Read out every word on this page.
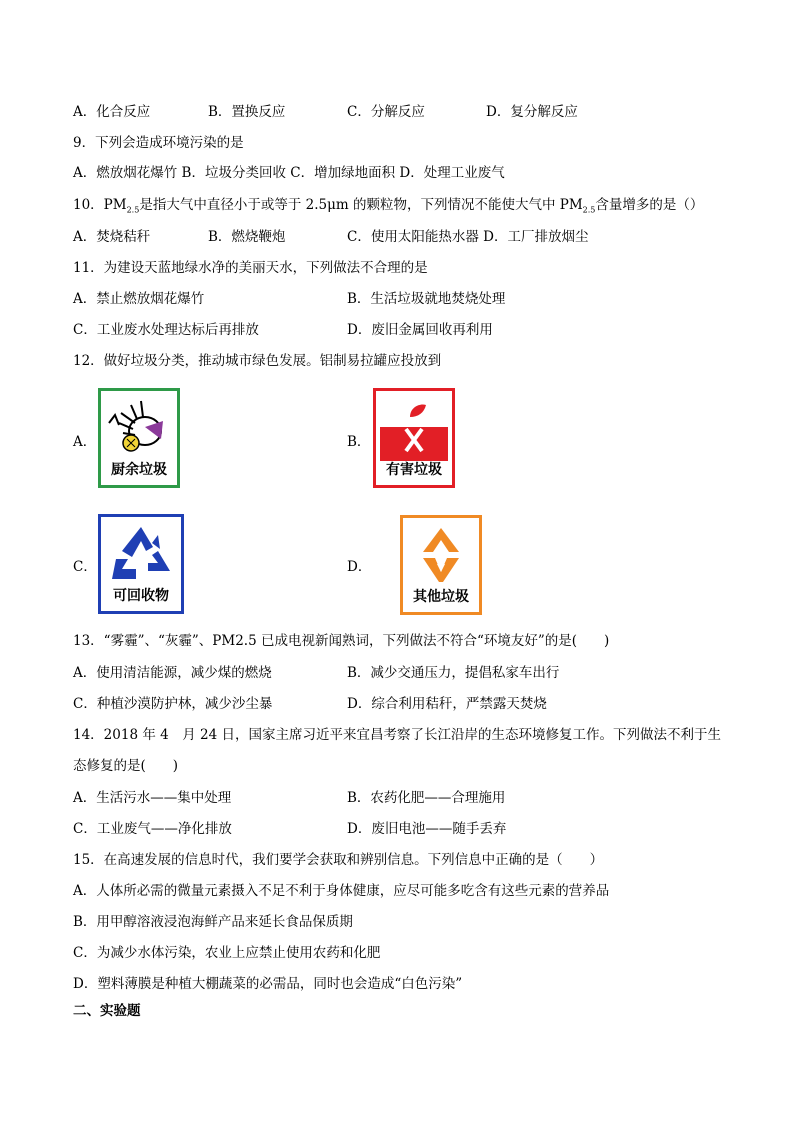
A．化合反应	B．置换反应	C．分解反应	D．复分解反应
9．下列会造成环境污染的是
A．燃放烟花爆竹 B．垃圾分类回收 C．增加绿地面积 D．处理工业废气
10．$PM_{2.5}$是指大气中直径小于或等于 2.5μm 的颗粒物，下列情况不能使大气中 $PM_{2.5}$含量增多的是（）
A．焚烧秸秆	B．燃烧鞭炮	C．使用太阳能热水器 D．工厂排放烟尘
11．为建设天蓝地绿水净的美丽天水，下列做法不合理的是
A．禁止燃放烟花爆竹	B．生活垃圾就地焚烧处理
C．工业废水处理达标后再排放	D．废旧金属回收再利用
12．做好垃圾分类，推动城市绿色发展。铝制易拉罐应投放到
A．
厨余垃圾
B．
有害垃圾
C．
可回收物
D．
其他垃圾
13．“雾霾”、“灰霾”、PM2.5 已成电视新闻熟词，下列做法不符合“环境友好”的是(　　)
A．使用清洁能源，减少煤的燃烧	B．减少交通压力，提倡私家车出行
C．种植沙漠防护林，减少沙尘暴	D．综合利用秸秆，严禁露天焚烧
14．2018 年 4　月 24 日，国家主席习近平来宜昌考察了长江沿岸的生态环境修复工作。下列做法不利于生
态修复的是(　　)
A．生活污水——集中处理	B．农药化肥——合理施用
C．工业废气——净化排放	D．废旧电池——随手丢弃
15．在高速发展的信息时代，我们要学会获取和辨别信息。下列信息中正确的是（　　）
A．人体所必需的微量元素摄入不足不利于身体健康，应尽可能多吃含有这些元素的营养品
B．用甲醇溶液浸泡海鲜产品来延长食品保质期
C．为减少水体污染，农业上应禁止使用农药和化肥
D．塑料薄膜是种植大棚蔬菜的必需品，同时也会造成“白色污染”
二、实验题
